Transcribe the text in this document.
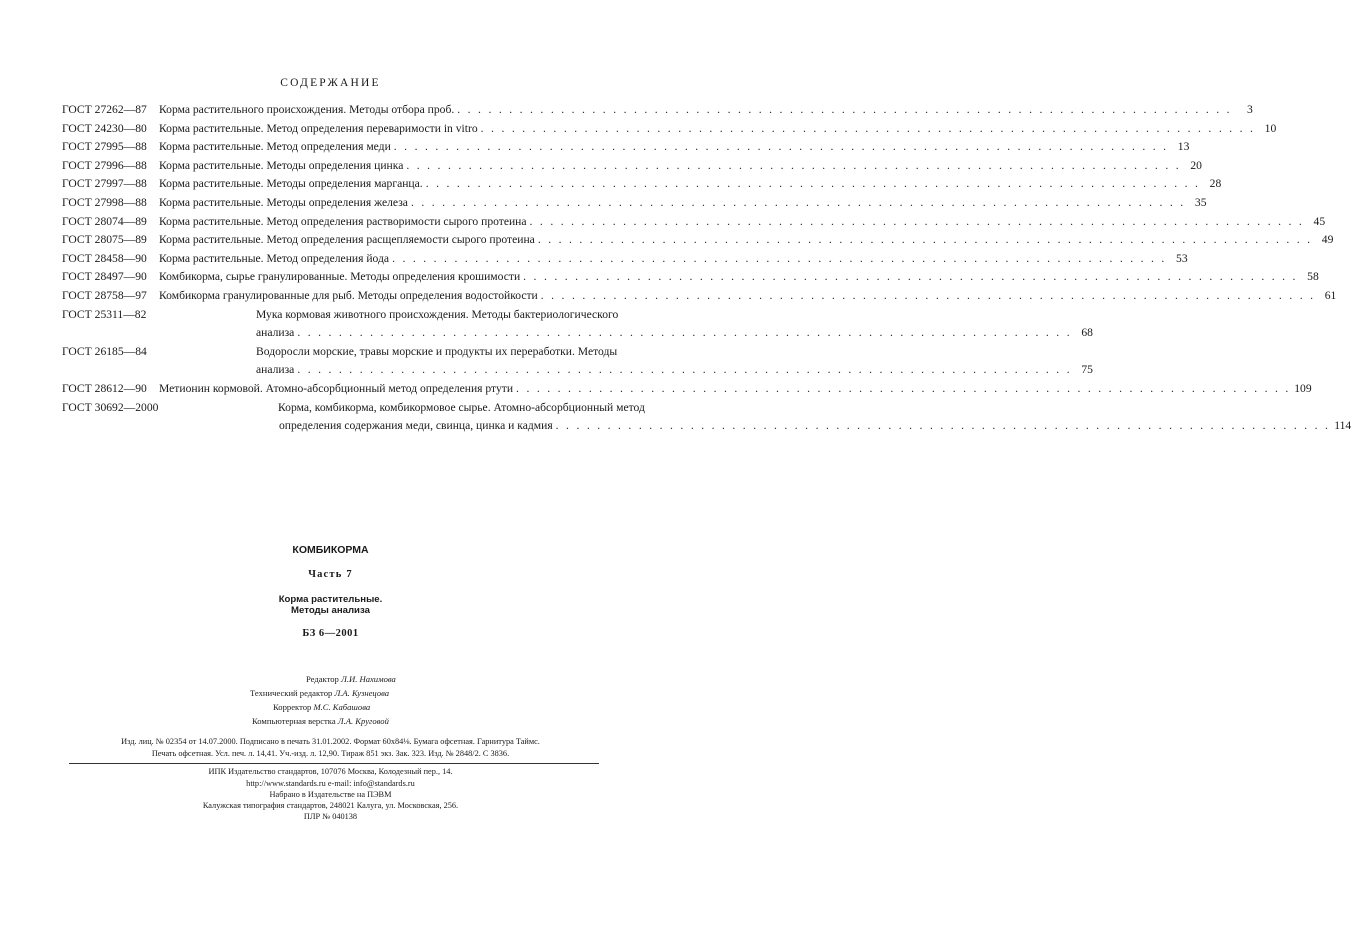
СОДЕРЖАНИЕ
ГОСТ 27262—87 Корма растительного происхождения. Методы отбора проб. . . . . . . . . . . . . . . . . . . . . . . . . . . . . . . . . . . . . . . . . . . . . . . . . . . . . . . . . . . . . . . . . . . . . . . . . . . .	3
ГОСТ 24230—80 Корма растительные. Метод определения переваримости in vitro . . . . . . . . . . . . . . . . . . . . . . . . . . . . . . . . . . . . . . . . . . . . . . . . . . . . . . . . . . . . . . . . . . . . . . . . . . . 10
ГОСТ 27995—88 Корма растительные. Метод определения меди . . . . . . . . . . . . . . . . . . . . . . . . . . . . . . . . . . . . . . . . . . . . . . . . . . . . . . . . . . . . . . . . . . . . . . . . . . . 13
ГОСТ 27996—88 Корма растительные. Методы определения цинка . . . . . . . . . . . . . . . . . . . . . . . . . . . . . . . . . . . . . . . . . . . . . . . . . . . . . . . . . . . . . . . . . . . . . . . . . . . 20
ГОСТ 27997—88 Корма растительные. Методы определения марганца. . . . . . . . . . . . . . . . . . . . . . . . . . . . . . . . . . . . . . . . . . . . . . . . . . . . . . . . . . . . . . . . . . . . . . . . . . . . 28
ГОСТ 27998—88 Корма растительные. Методы определения железа . . . . . . . . . . . . . . . . . . . . . . . . . . . . . . . . . . . . . . . . . . . . . . . . . . . . . . . . . . . . . . . . . . . . . . . . . . . 35
ГОСТ 28074—89 Корма растительные. Метод определения растворимости сырого протеина . . . . . . . . . . . . . . . . . . . . . . . . . . . . . . . . . . . . . . . . . . . . . . . . . . . . . . . . . . . . . . . . . . . . . . . . . . . 45
ГОСТ 28075—89 Корма растительные. Метод определения расщепляемости сырого протеина . . . . . . . . . . . . . . . . . . . . . . . . . . . . . . . . . . . . . . . . . . . . . . . . . . . . . . . . . . . . . . . . . . . . . . . . . . . 49
ГОСТ 28458—90 Корма растительные. Метод определения йода . . . . . . . . . . . . . . . . . . . . . . . . . . . . . . . . . . . . . . . . . . . . . . . . . . . . . . . . . . . . . . . . . . . . . . . . . . . 53
ГОСТ 28497—90 Комбикорма, сырье гранулированные. Методы определения крошимости . . . . . . . . . . . . . . . . . . . . . . . . . . . . . . . . . . . . . . . . . . . . . . . . . . . . . . . . . . . . . . . . . . . . . . . . . . . 58
ГОСТ 28758—97 Комбикорма гранулированные для рыб. Методы определения водостойкости . . . . . . . . . . . . . . . . . . . . . . . . . . . . . . . . . . . . . . . . . . . . . . . . . . . . . . . . . . . . . . . . . . . . . . . . . . . 61
ГОСТ 25311—82	Мука кормовая животного происхождения. Методы бактериологического
анализа . . . . . . . . . . . . . . . . . . . . . . . . . . . . . . . . . . . . . . . . . . . . . . . . . . . . . . . . . . . . . . . . . . . . . . . . . . . 68
ГОСТ 26185—84	Водоросли морские, травы морские и продукты их переработки. Методы
анализа . . . . . . . . . . . . . . . . . . . . . . . . . . . . . . . . . . . . . . . . . . . . . . . . . . . . . . . . . . . . . . . . . . . . . . . . . . . 75
ГОСТ 28612—90 Метионин кормовой. Атомно-абсорбционный метод определения ртути . . . . . . . . . . . . . . . . . . . . . . . . . . . . . . . . . . . . . . . . . . . . . . . . . . . . . . . . . . . . . . . . . . . . . . . . . . . 109
ГОСТ 30692—2000	Корма, комбикорма, комбикормовое сырье. Атомно-абсорбционный метод
определения содержания меди, свинца, цинка и кадмия . . . . . . . . . . . . . . . . . . . . . . . . . . . . . . . . . . . . . . . . . . . . . . . . . . . . . . . . . . . . . . . . . . . . . . . . . . . 114
КОМБИКОРМА
Часть 7
Корма растительные.
Методы анализа
БЗ 6—2001
Редактор Л.И. Нахимова
Технический редактор Л.А. Кузнецова
Корректор М.С. Кабашова
Компьютерная верстка Л.А. Круговой
Изд. лиц. № 02354 от 14.07.2000. Подписано в печать 31.01.2002. Формат 60х84⅛. Бумага офсетная. Гарнитура Таймс.
Печать офсетная. Усл. печ. л. 14,41. Уч.-изд. л. 12,90. Тираж 851 экз. Зак. 323. Изд. № 2848/2. С 3836.
ИПК Издательство стандартов, 107076 Москва, Колодезный пер., 14.
http://www.standards.ru e-mail: info@standards.ru
Набрано в Издательстве на ПЭВМ
Калужская типография стандартов, 248021 Калуга, ул. Московская, 256.
ПЛР № 040138
